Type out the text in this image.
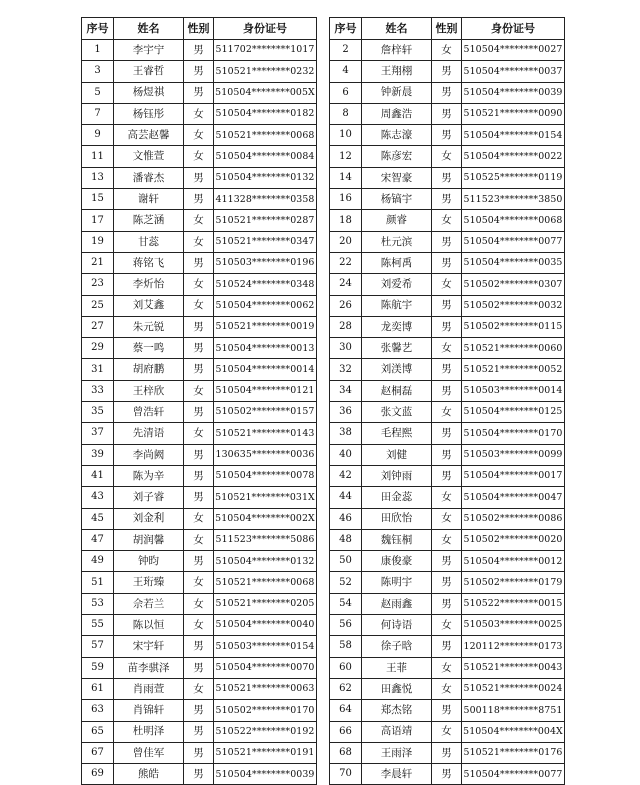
序号	姓名	性别	身份证号
1	李宇宁	男	511702********1017
3	王睿哲	男	510521********0232
5	杨煜祺	男	510504********005X
7	杨钰彤	女	510504********0182
9	高芸赵馨	女	510521********0068
11	文惟萱	女	510504********0084
13	潘睿杰	男	510504********0132
15	谢轩	男	411328********0358
17	陈芝涵	女	510521********0287
19	甘蕊	女	510521********0347
21	蒋铭飞	男	510503********0196
23	李炘怡	女	510524********0348
25	刘艾鑫	女	510504********0062
27	朱元锐	男	510521********0019
29	蔡一鸣	男	510504********0013
31	胡府鹏	男	510504********0014
33	王梓欣	女	510504********0121
35	曾浩轩	男	510502********0157
37	先清语	女	510521********0143
39	李尚阙	男	130635********0036
41	陈为辛	男	510504********0078
43	刘子睿	男	510521********031X
45	刘金利	女	510504********002X
47	胡润馨	女	511523********5086
49	钟昀	男	510504********0132
51	王珩臻	女	510521********0068
53	佘若兰	女	510521********0205
55	陈以恒	女	510504********0040
57	宋宇轩	男	510503********0154
59	苗李骐泽	男	510504********0070
61	肖雨萱	女	510521********0063
63	肖锦轩	男	510502********0170
65	杜明泽	男	510522********0192
67	曾佳军	男	510521********0191
69	熊皓	男	510504********0039
序号	姓名	性别	身份证号
2	詹梓轩	女	510504********0027
4	王翔栩	男	510504********0037
6	钟新晨	男	510504********0039
8	周鑫浩	男	510521********0090
10	陈志濠	男	510504********0154
12	陈彦宏	女	510504********0022
14	宋智豪	男	510525********0119
16	杨镐宇	男	511523********3850
18	颜睿	女	510504********0068
20	杜元滨	男	510504********0077
22	陈柯禹	男	510504********0035
24	刘爱希	女	510502********0307
26	陈航宇	男	510502********0032
28	龙奕博	男	510502********0115
30	张馨艺	女	510521********0060
32	刘渼博	男	510521********0052
34	赵桐磊	男	510503********0014
36	张文蓝	女	510504********0125
38	毛程熙	男	510504********0170
40	刘健	男	510503********0099
42	刘钟雨	男	510504********0017
44	田金蕊	女	510504********0047
46	田欣怡	女	510502********0086
48	魏钰桐	女	510502********0020
50	康俊豪	男	510504********0012
52	陈明宇	男	510502********0179
54	赵雨鑫	男	510522********0015
56	何诗语	女	510503********0025
58	徐子晗	男	120112********0173
60	王菲	女	510521********0043
62	田鑫悦	女	510521********0024
64	郑杰铭	男	500118********8751
66	高语靖	女	510504********004X
68	王雨泽	男	510521********0176
70	李晨轩	男	510504********0077
